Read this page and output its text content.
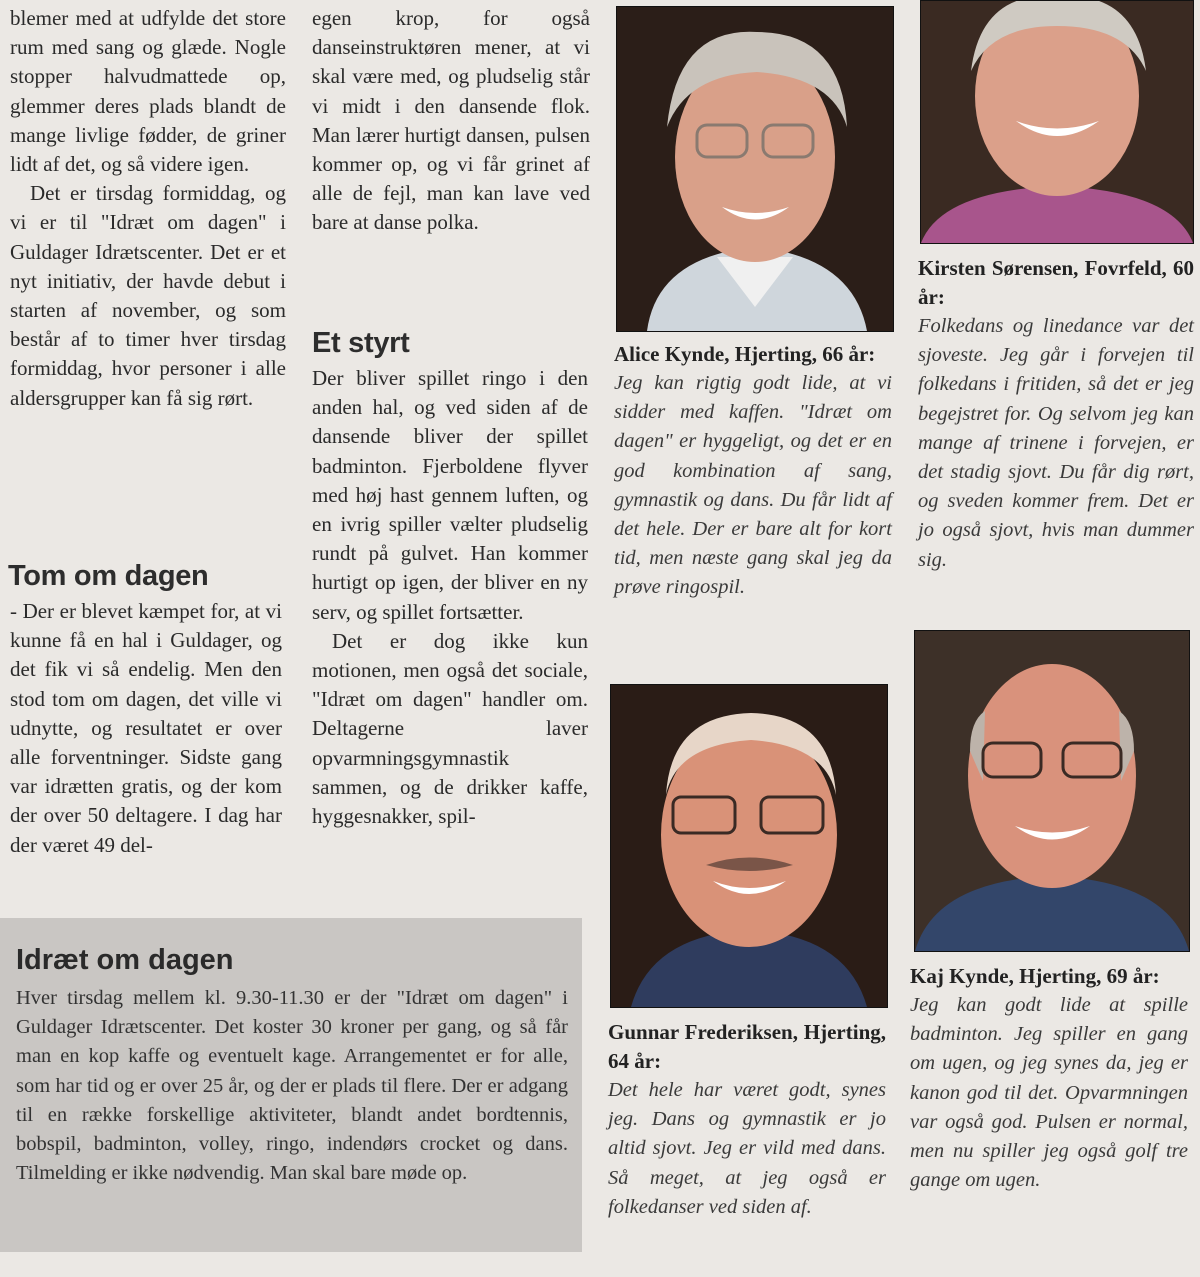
blemer med at udfylde det store rum med sang og glæde. Nogle stopper halvudmattede op, glemmer deres plads blandt de mange livlige fødder, de griner lidt af det, og så videre igen.

Det er tirsdag formiddag, og vi er til "Idræt om dagen" i Guldager Idrætscenter. Det er et nyt initiativ, der havde debut i starten af november, og som består af to timer hver tirsdag formiddag, hvor personer i alle aldersgrupper kan få sig rørt.

Tom om dagen

- Der er blevet kæmpet for, at vi kunne få en hal i Guldager, og det fik vi så endelig. Men den stod tom om dagen, det ville vi udnytte, og resultatet er over alle forventninger. Sidste gang var idrætten gratis, og der kom der over 50 deltagere. I dag har der været 49 del-

egen krop, for også danseinstruktøren mener, at vi skal være med, og pludselig står vi midt i den dansende flok. Man lærer hurtigt dansen, pulsen kommer op, og vi får grinet af alle de fejl, man kan lave ved bare at danse polka.

Et styrt

Der bliver spillet ringo i den anden hal, og ved siden af de dansende bliver der spillet badminton. Fjerboldene flyver med høj hast gennem luften, og en ivrig spiller vælter pludselig rundt på gulvet. Han kommer hurtigt op igen, der bliver en ny serv, og spillet fortsætter.

Det er dog ikke kun motionen, men også det sociale, "Idræt om dagen" handler om. Deltagerne laver opvarmningsgymnastik sammen, og de drikker kaffe, hyggesnakker, spil-

Alice Kynde, Hjerting, 66 år:
Jeg kan rigtig godt lide, at vi sidder med kaffen. "Idræt om dagen" er hyggeligt, og det er en god kombination af sang, gymnastik og dans. Du får lidt af det hele. Der er bare alt for kort tid, men næste gang skal jeg da prøve ringospil.
Kirsten Sørensen, Fovrfeld, 60 år:
Folkedans og linedance var det sjoveste. Jeg går i forvejen til folkedans i fritiden, så det er jeg begejstret for. Og selvom jeg kan mange af trinene i forvejen, er det stadig sjovt. Du får dig rørt, og sveden kommer frem. Det er jo også sjovt, hvis man dummer sig.
Gunnar Frederiksen, Hjerting, 64 år:
Det hele har været godt, synes jeg. Dans og gymnastik er jo altid sjovt. Jeg er vild med dans. Så meget, at jeg også er folkedanser ved siden af.
Kaj Kynde, Hjerting, 69 år:
Jeg kan godt lide at spille badminton. Jeg spiller en gang om ugen, og jeg synes da, jeg er kanon god til det. Opvarmningen var også god. Pulsen er normal, men nu spiller jeg også golf tre gange om ugen.
Idræt om dagen
Hver tirsdag mellem kl. 9.30-11.30 er der "Idræt om dagen" i Guldager Idrætscenter. Det koster 30 kroner per gang, og så får man en kop kaffe og eventuelt kage. Arrangementet er for alle, som har tid og er over 25 år, og der er plads til flere. Der er adgang til en række forskellige aktiviteter, blandt andet bordtennis, bobspil, badminton, volley, ringo, indendørs crocket og dans. Tilmelding er ikke nødvendig. Man skal bare møde op.
